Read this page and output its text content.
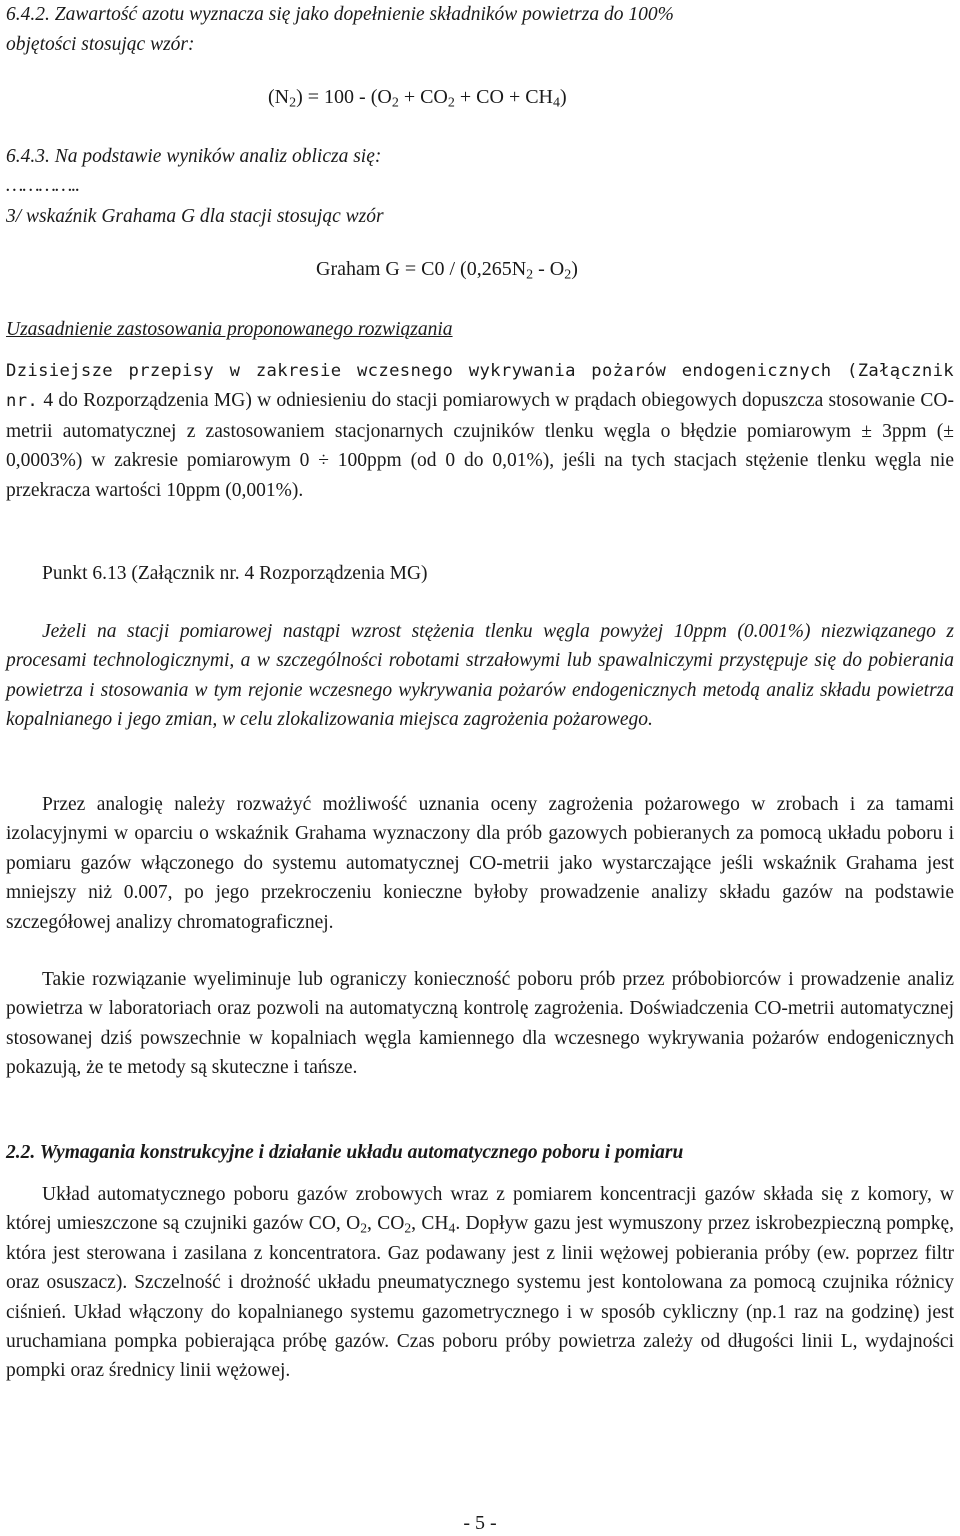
6.4.2. Zawartość azotu wyznacza się jako dopełnienie składników powietrza do 100%
objętości stosując wzór:
$(N_2) = 100 - (O_2 + CO_2$ + CO + $CH_4$)
6.4.3. Na podstawie wyników analiz oblicza się:
…………..
3/ wskaźnik Grahama G dla stacji stosując wzór
Graham $G = C0 / (0,265N_2 - O_2)$
Uzasadnienie zastosowania proponowanego rozwiązania

Dzisiejsze przepisy w zakresie wczesnego wykrywania pożarów endogenicznych (Załącznik nr. 4 do Rozporządzenia MG) w odniesieniu do stacji pomiarowych w prądach obiegowych dopuszcza stosowanie CO-metrii automatycznej z zastosowaniem stacjonarnych czujników tlenku węgla o błędzie pomiarowym ± 3ppm (± 0,0003%) w zakresie pomiarowym 0 ÷ 100ppm (od 0 do 0,01%), jeśli na tych stacjach stężenie tlenku węgla nie przekracza wartości 10ppm (0,001%).

Punkt 6.13 (Załącznik nr. 4 Rozporządzenia MG)

Jeżeli na stacji pomiarowej nastąpi wzrost stężenia tlenku węgla powyżej 10ppm (0.001%) niezwiązanego z procesami technologicznymi, a w szczególności robotami strzałowymi lub spawalniczymi przystępuje się do pobierania powietrza i stosowania w tym rejonie wczesnego wykrywania pożarów endogenicznych metodą analiz składu powietrza kopalnianego i jego zmian, w celu zlokalizowania miejsca zagrożenia pożarowego.

Przez analogię należy rozważyć możliwość uznania oceny zagrożenia pożarowego w zrobach i za tamami izolacyjnymi w oparciu o wskaźnik Grahama wyznaczony dla prób gazowych pobieranych za pomocą układu poboru i pomiaru gazów włączonego do systemu automatycznej CO-metrii jako wystarczające jeśli wskaźnik Grahama jest mniejszy niż 0.007, po jego przekroczeniu konieczne byłoby prowadzenie analizy składu gazów na podstawie szczegółowej analizy chromatograficznej.

Takie rozwiązanie wyeliminuje lub ograniczy konieczność poboru prób przez próbobiorców i prowadzenie analiz powietrza w laboratoriach oraz pozwoli na automatyczną kontrolę zagrożenia. Doświadczenia CO-metrii automatycznej stosowanej dziś powszechnie w kopalniach węgla kamiennego dla wczesnego wykrywania pożarów endogenicznych pokazują, że te metody są skuteczne i tańsze.

2.2. Wymagania konstrukcyjne i działanie układu automatycznego poboru i pomiaru

Układ automatycznego poboru gazów zrobowych wraz z pomiarem koncentracji gazów składa się z komory, w której umieszczone są czujniki gazów CO, $O_2$, $CO_2$, $CH_4$. Dopływ gazu jest wymuszony przez iskrobezpieczną pompkę, która jest sterowana i zasilana z koncentratora. Gaz podawany jest z linii wężowej pobierania próby (ew. poprzez filtr oraz osuszacz). Szczelność i drożność układu pneumatycznego systemu jest kontolowana za pomocą czujnika różnicy ciśnień. Układ włączony do kopalnianego systemu gazometrycznego i w sposób cykliczny (np.1 raz na godzinę) jest uruchamiana pompka pobierająca próbę gazów. Czas poboru próby powietrza zależy od długości linii L, wydajności pompki oraz średnicy linii wężowej.

- 5 -
